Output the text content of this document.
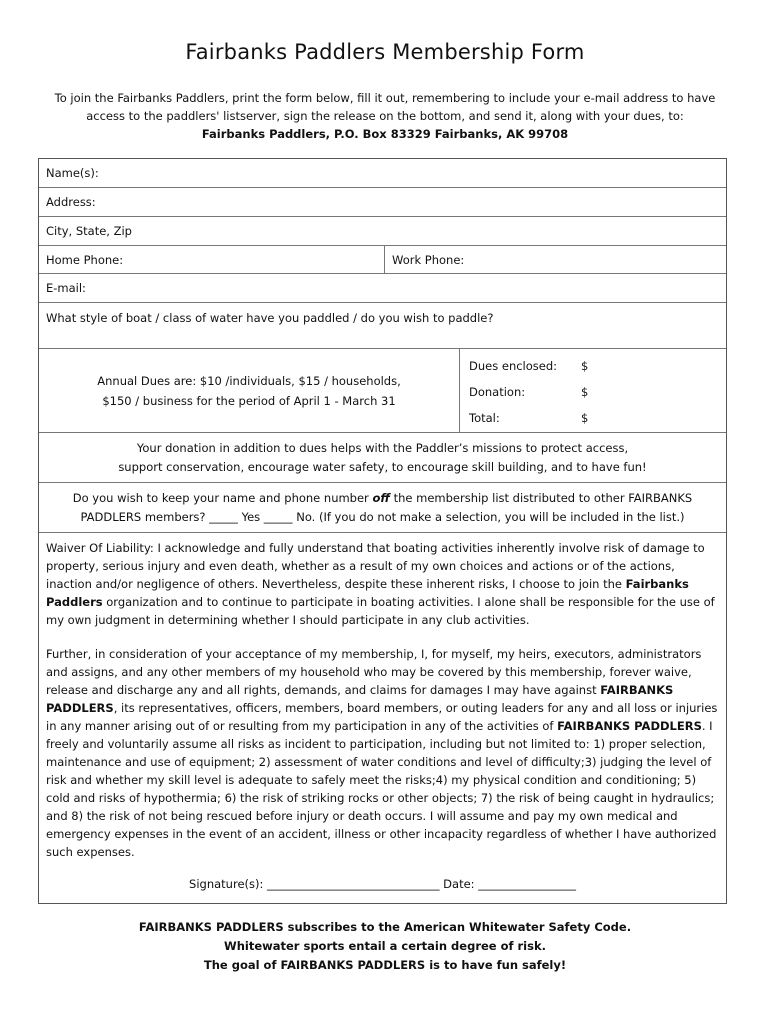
Fairbanks Paddlers Membership Form
To join the Fairbanks Paddlers, print the form below, fill it out, remembering to include your e-mail address to have access to the paddlers' listserver, sign the release on the bottom, and send it, along with your dues, to:
Fairbanks Paddlers, P.O. Box 83329 Fairbanks, AK 99708
Name(s):
Address:
City, State, Zip
Home Phone:	Work Phone:
E-mail:
What style of boat / class of water have you paddled / do you wish to paddle?
Annual Dues are: $10 /individuals, $15 / households,
$150 / business for the period of April 1 - March 31
Dues enclosed:	$
Donation:	$
Total:	$
Your donation in addition to dues helps with the Paddler’s missions to protect access,
support conservation, encourage water safety, to encourage skill building, and to have fun!
Do you wish to keep your name and phone number off the membership list distributed to other FAIRBANKS PADDLERS members? _____ Yes _____ No. (If you do not make a selection, you will be included in the list.)

Waiver Of Liability: I acknowledge and fully understand that boating activities inherently involve risk of damage to property, serious injury and even death, whether as a result of my own choices and actions or of the actions, inaction and/or negligence of others. Nevertheless, despite these inherent risks, I choose to join the Fairbanks Paddlers organization and to continue to participate in boating activities. I alone shall be responsible for the use of my own judgment in determining whether I should participate in any club activities.

Further, in consideration of your acceptance of my membership, I, for myself, my heirs, executors, administrators and assigns, and any other members of my household who may be covered by this membership, forever waive, release and discharge any and all rights, demands, and claims for damages I may have against FAIRBANKS PADDLERS, its representatives, officers, members, board members, or outing leaders for any and all loss or injuries in any manner arising out of or resulting from my participation in any of the activities of FAIRBANKS PADDLERS. I freely and voluntarily assume all risks as incident to participation, including but not limited to: 1) proper selection, maintenance and use of equipment; 2) assessment of water conditions and level of difficulty;3) judging the level of risk and whether my skill level is adequate to safely meet the risks;4) my physical condition and conditioning; 5) cold and risks of hypothermia; 6) the risk of striking rocks or other objects; 7) the risk of being caught in hydraulics; and 8) the risk of not being rescued before injury or death occurs. I will assume and pay my own medical and emergency expenses in the event of an accident, illness or other incapacity regardless of whether I have authorized such expenses.

Signature(s): ______________________________ Date: _________________
FAIRBANKS PADDLERS subscribes to the American Whitewater Safety Code.
Whitewater sports entail a certain degree of risk.
The goal of FAIRBANKS PADDLERS is to have fun safely!
